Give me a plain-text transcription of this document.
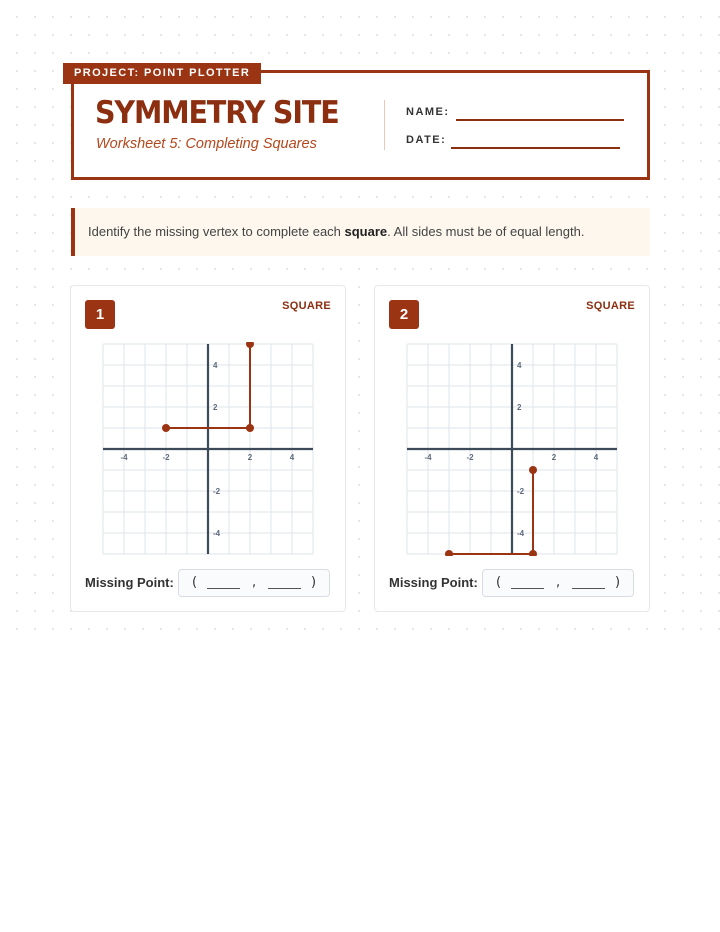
PROJECT: POINT PLOTTER
SYMMETRY SITE
Worksheet 5: Completing Squares
NAME:
DATE:

Identify the missing vertex to complete each square. All sides must be of equal length.

1	SQUARE
-4	-2	2	4
4
2
-2
-4
Missing Point: (	,	)
2	SQUARE
-4	-2	2	4
4
2
-2
-4
Missing Point: (	,	)
